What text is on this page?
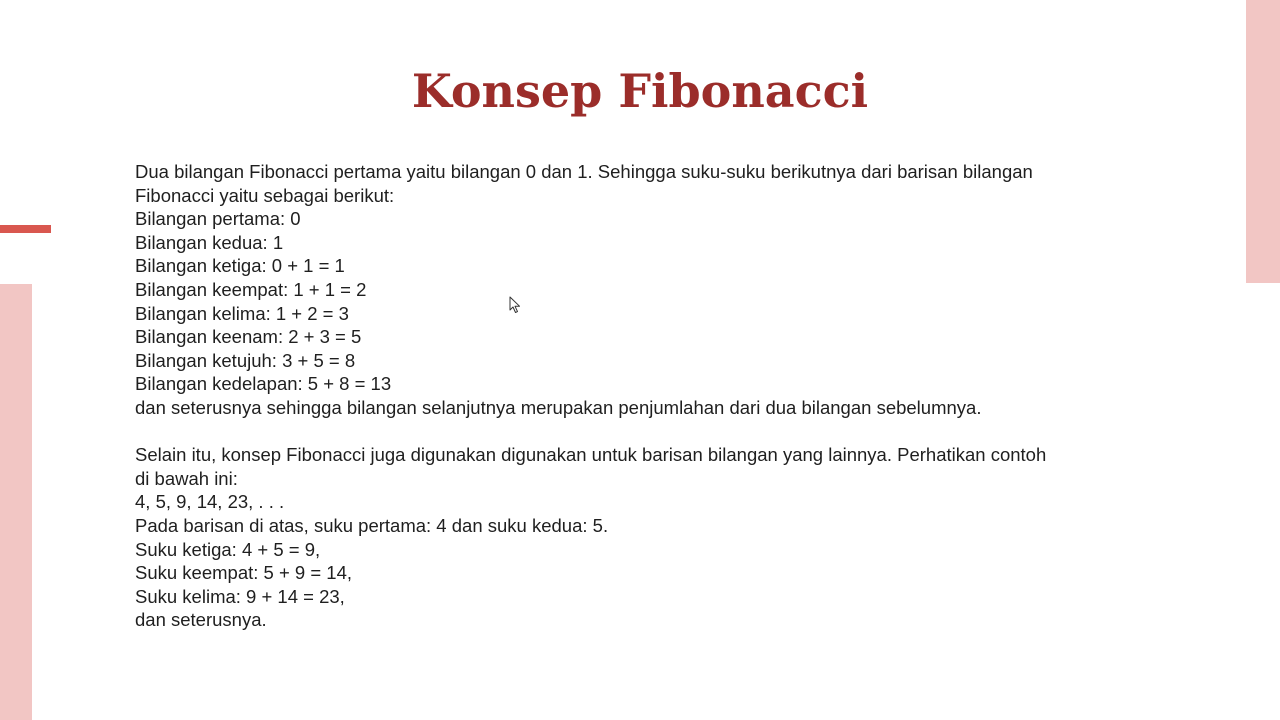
Konsep Fibonacci
Dua bilangan Fibonacci pertama yaitu bilangan 0 dan 1. Sehingga suku-suku berikutnya dari barisan bilangan
Fibonacci yaitu sebagai berikut:
Bilangan pertama: 0
Bilangan kedua: 1
Bilangan ketiga: 0 + 1 = 1
Bilangan keempat: 1 + 1 = 2
Bilangan kelima: 1 + 2 = 3
Bilangan keenam: 2 + 3 = 5
Bilangan ketujuh: 3 + 5 = 8
Bilangan kedelapan: 5 + 8 = 13
dan seterusnya sehingga bilangan selanjutnya merupakan penjumlahan dari dua bilangan sebelumnya.
Selain itu, konsep Fibonacci juga digunakan digunakan untuk barisan bilangan yang lainnya. Perhatikan contoh
di bawah ini:
4, 5, 9, 14, 23, . . .
Pada barisan di atas, suku pertama: 4 dan suku kedua: 5.
Suku ketiga: 4 + 5 = 9,
Suku keempat: 5 + 9 = 14,
Suku kelima: 9 + 14 = 23,
dan seterusnya.
